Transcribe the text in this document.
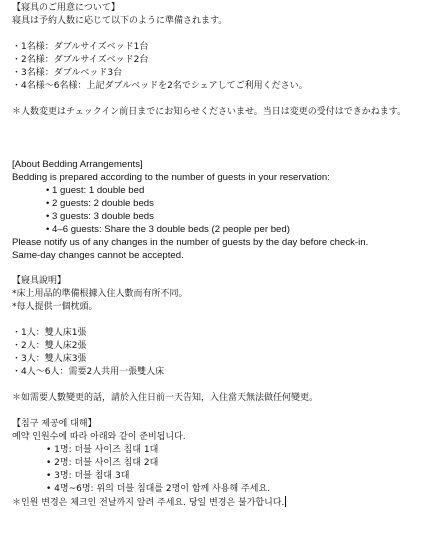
【寝具のご用意について】
寝具は予約人数に応じて以下のように準備されます。
・1名様：ダブルサイズベッド1台
・2名様：ダブルサイズベッド2台
・3名様：ダブルベッド3台
・4名様～6名様：上記ダブルベッドを2名でシェアしてご利用ください。
＊人数変更はチェックイン前日までにお知らせくださいませ。当日は変更の受付はできかねます。
[About Bedding Arrangements]
Bedding is prepared according to the number of guests in your reservation:
• 1 guest: 1 double bed
• 2 guests: 2 double beds
• 3 guests: 3 double beds
• 4–6 guests: Share the 3 double beds (2 people per bed)
Please notify us of any changes in the number of guests by the day before check-in.
Same-day changes cannot be accepted.
【寢具說明】
*床上用品的準備根據入住人數而有所不同。
*每人提供一個枕頭。
・1人：雙人床1張
・2人：雙人床2張
・3人：雙人床3張
・4人～6人：需要2人共用一張雙人床
＊如需要人數變更的話，請於入住日前一天告知，入住當天無法做任何變更。
【침구 제공에 대해】
예약 인원수에 따라 아래와 같이 준비됩니다.
• 1명: 더블 사이즈 침대 1대
• 2명: 더블 사이즈 침대 2대
• 3명: 더블 침대 3대
• 4명~6명: 위의 더블 침대를 2명이 함께 사용해 주세요.
＊인원 변경은 체크인 전날까지 알려 주세요. 당일 변경은 불가합니다.
